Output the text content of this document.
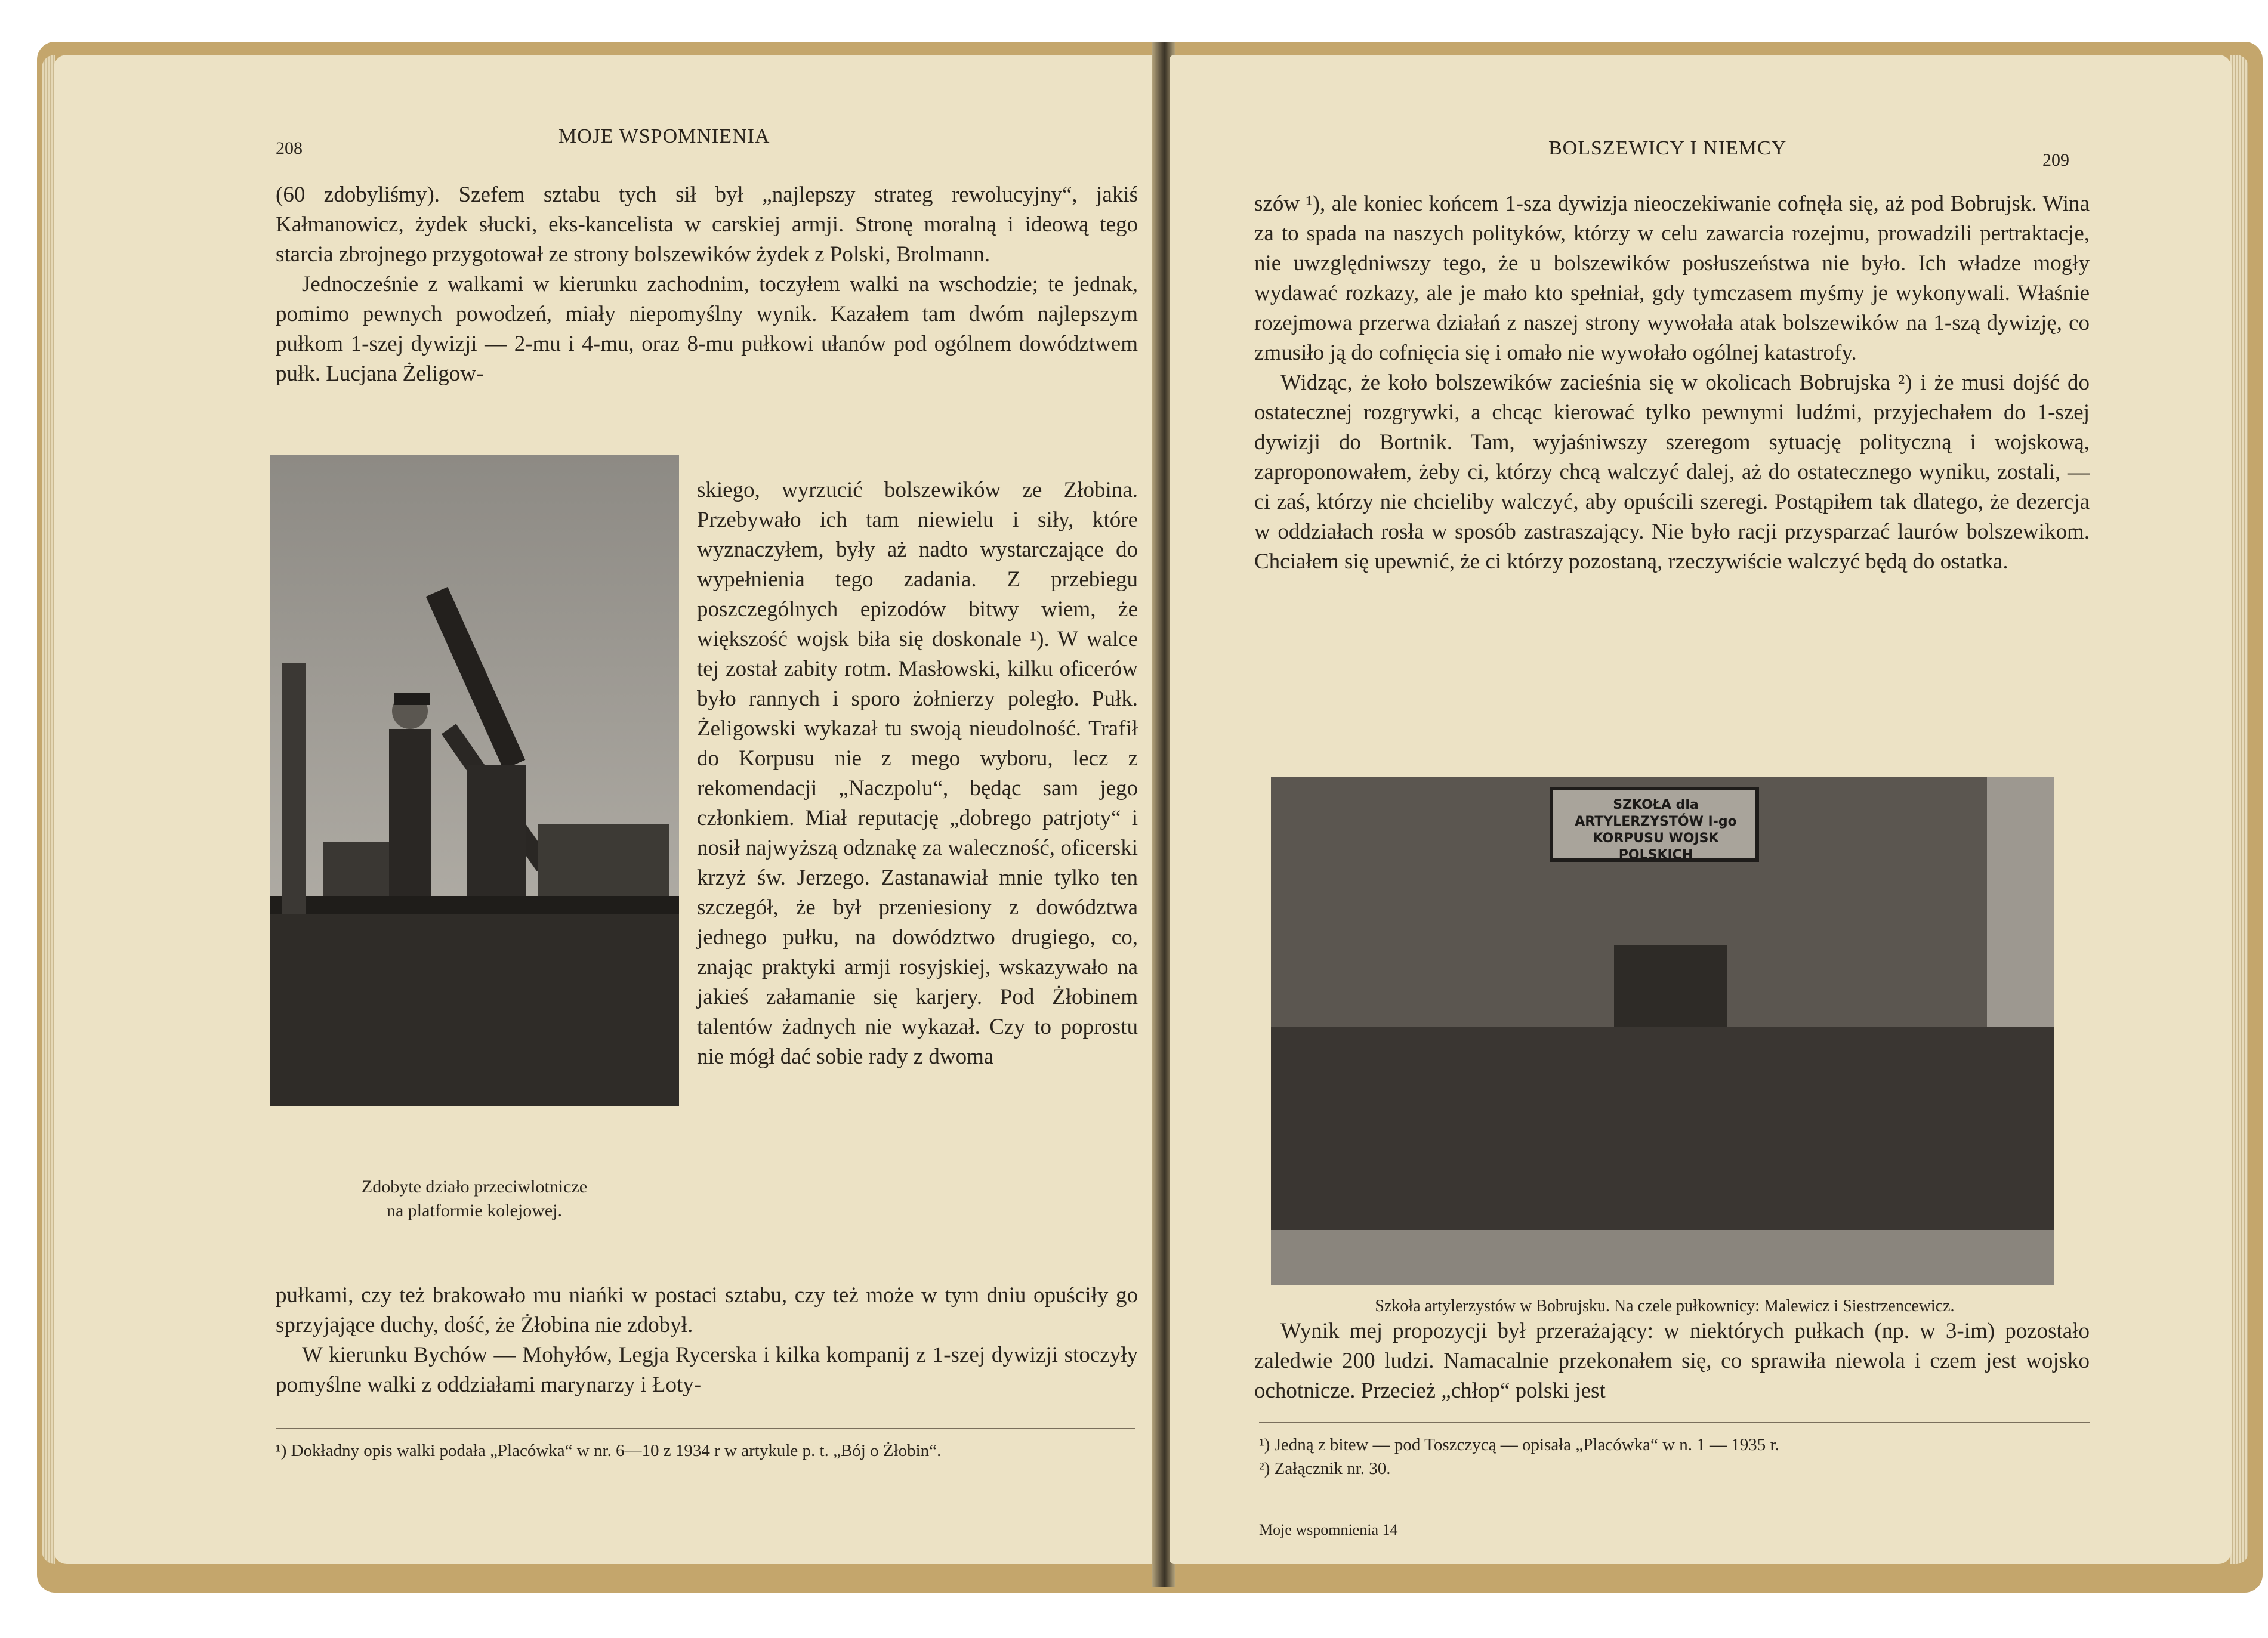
208
MOJE WSPOMNIENIA

(60 zdobyliśmy). Szefem sztabu tych sił był „najlepszy strateg rewolucyjny“, jakiś Kałmanowicz, żydek słucki, eks-kancelista w carskiej armji. Stronę moralną i ideową tego starcia zbrojnego przygotował ze strony bolszewików żydek z Polski, Brolmann.

Jednocześnie z walkami w kierunku zachodnim, toczyłem walki na wschodzie; te jednak, pomimo pewnych powodzeń, miały niepomyślny wynik. Kazałem tam dwóm najlepszym pułkom 1-szej dywizji — 2-mu i 4-mu, oraz 8-mu pułkowi ułanów pod ogólnem dowództwem pułk. Lucjana Żeligow-

Zdobyte działo przeciwlotnicze
na platformie kolejowej.

skiego, wyrzucić bolszewików ze Złobina. Przebywało ich tam niewielu i siły, które wyznaczyłem, były aż nadto wystarczające do wypełnienia tego zadania. Z przebiegu poszczególnych epizodów bitwy wiem, że większość wojsk biła się doskonale ¹). W walce tej został zabity rotm. Masłowski, kilku oficerów było rannych i sporo żołnierzy poległo. Pułk. Żeligowski wykazał tu swoją nieudolność. Trafił do Korpusu nie z mego wyboru, lecz z rekomendacji „Naczpolu“, będąc sam jego członkiem. Miał reputację „dobrego patrjoty“ i nosił najwyższą odznakę za waleczność, oficerski krzyż św. Jerzego. Zastanawiał mnie tylko ten szczegół, że był przeniesiony z dowództwa jednego pułku, na dowództwo drugiego, co, znając praktyki armji rosyjskiej, wskazywało na jakieś załamanie się karjery. Pod Żłobinem talentów żadnych nie wykazał. Czy to poprostu nie mógł dać sobie rady z dwoma

pułkami, czy też brakowało mu niańki w postaci sztabu, czy też może w tym dniu opuściły go sprzyjające duchy, dość, że Żłobina nie zdobył.

W kierunku Bychów — Mohyłów, Legja Rycerska i kilka kompanij z 1-szej dywizji stoczyły pomyślne walki z oddziałami marynarzy i Łoty-

¹) Dokładny opis walki podała „Placówka“ w nr. 6—10 z 1934 r w artykule p. t. „Bój o Żłobin“.

BOLSZEWICY I NIEMCY
209

szów ¹), ale koniec końcem 1-sza dywizja nieoczekiwanie cofnęła się, aż pod Bobrujsk. Wina za to spada na naszych polityków, którzy w celu zawarcia rozejmu, prowadzili pertraktacje, nie uwzględniwszy tego, że u bolszewików posłuszeństwa nie było. Ich władze mogły wydawać rozkazy, ale je mało kto spełniał, gdy tymczasem myśmy je wykonywali. Właśnie rozejmowa przerwa działań z naszej strony wywołała atak bolszewików na 1-szą dywizję, co zmusiło ją do cofnięcia się i omało nie wywołało ogólnej katastrofy.

Widząc, że koło bolszewików zacieśnia się w okolicach Bobrujska ²) i że musi dojść do ostatecznej rozgrywki, a chcąc kierować tylko pewnymi ludźmi, przyjechałem do 1-szej dywizji do Bortnik. Tam, wyjaśniwszy szeregom sytuację polityczną i wojskową, zaproponowałem, żeby ci, którzy chcą walczyć dalej, aż do ostatecznego wyniku, zostali, — ci zaś, którzy nie chcieliby walczyć, aby opuścili szeregi. Postąpiłem tak dlatego, że dezercja w oddziałach rosła w sposób zastraszający. Nie było racji przysparzać laurów bolszewikom. Chciałem się upewnić, że ci którzy pozostaną, rzeczywiście walczyć będą do ostatka.

SZKOŁA dla ARTYLERZYSTÓW I-go KORPUSU WOJSK POLSKICH
Szkoła artylerzystów w Bobrujsku. Na czele pułkownicy: Malewicz i Siestrzencewicz.

Wynik mej propozycji był przerażający: w niektórych pułkach (np. w 3-im) pozostało zaledwie 200 ludzi. Namacalnie przekonałem się, co sprawiła niewola i czem jest wojsko ochotnicze. Przecież „chłop“ polski jest

¹) Jedną z bitew — pod Toszczycą — opisała „Placówka“ w n. 1 — 1935 r.

²) Załącznik nr. 30.

Moje wspomnienia 14
